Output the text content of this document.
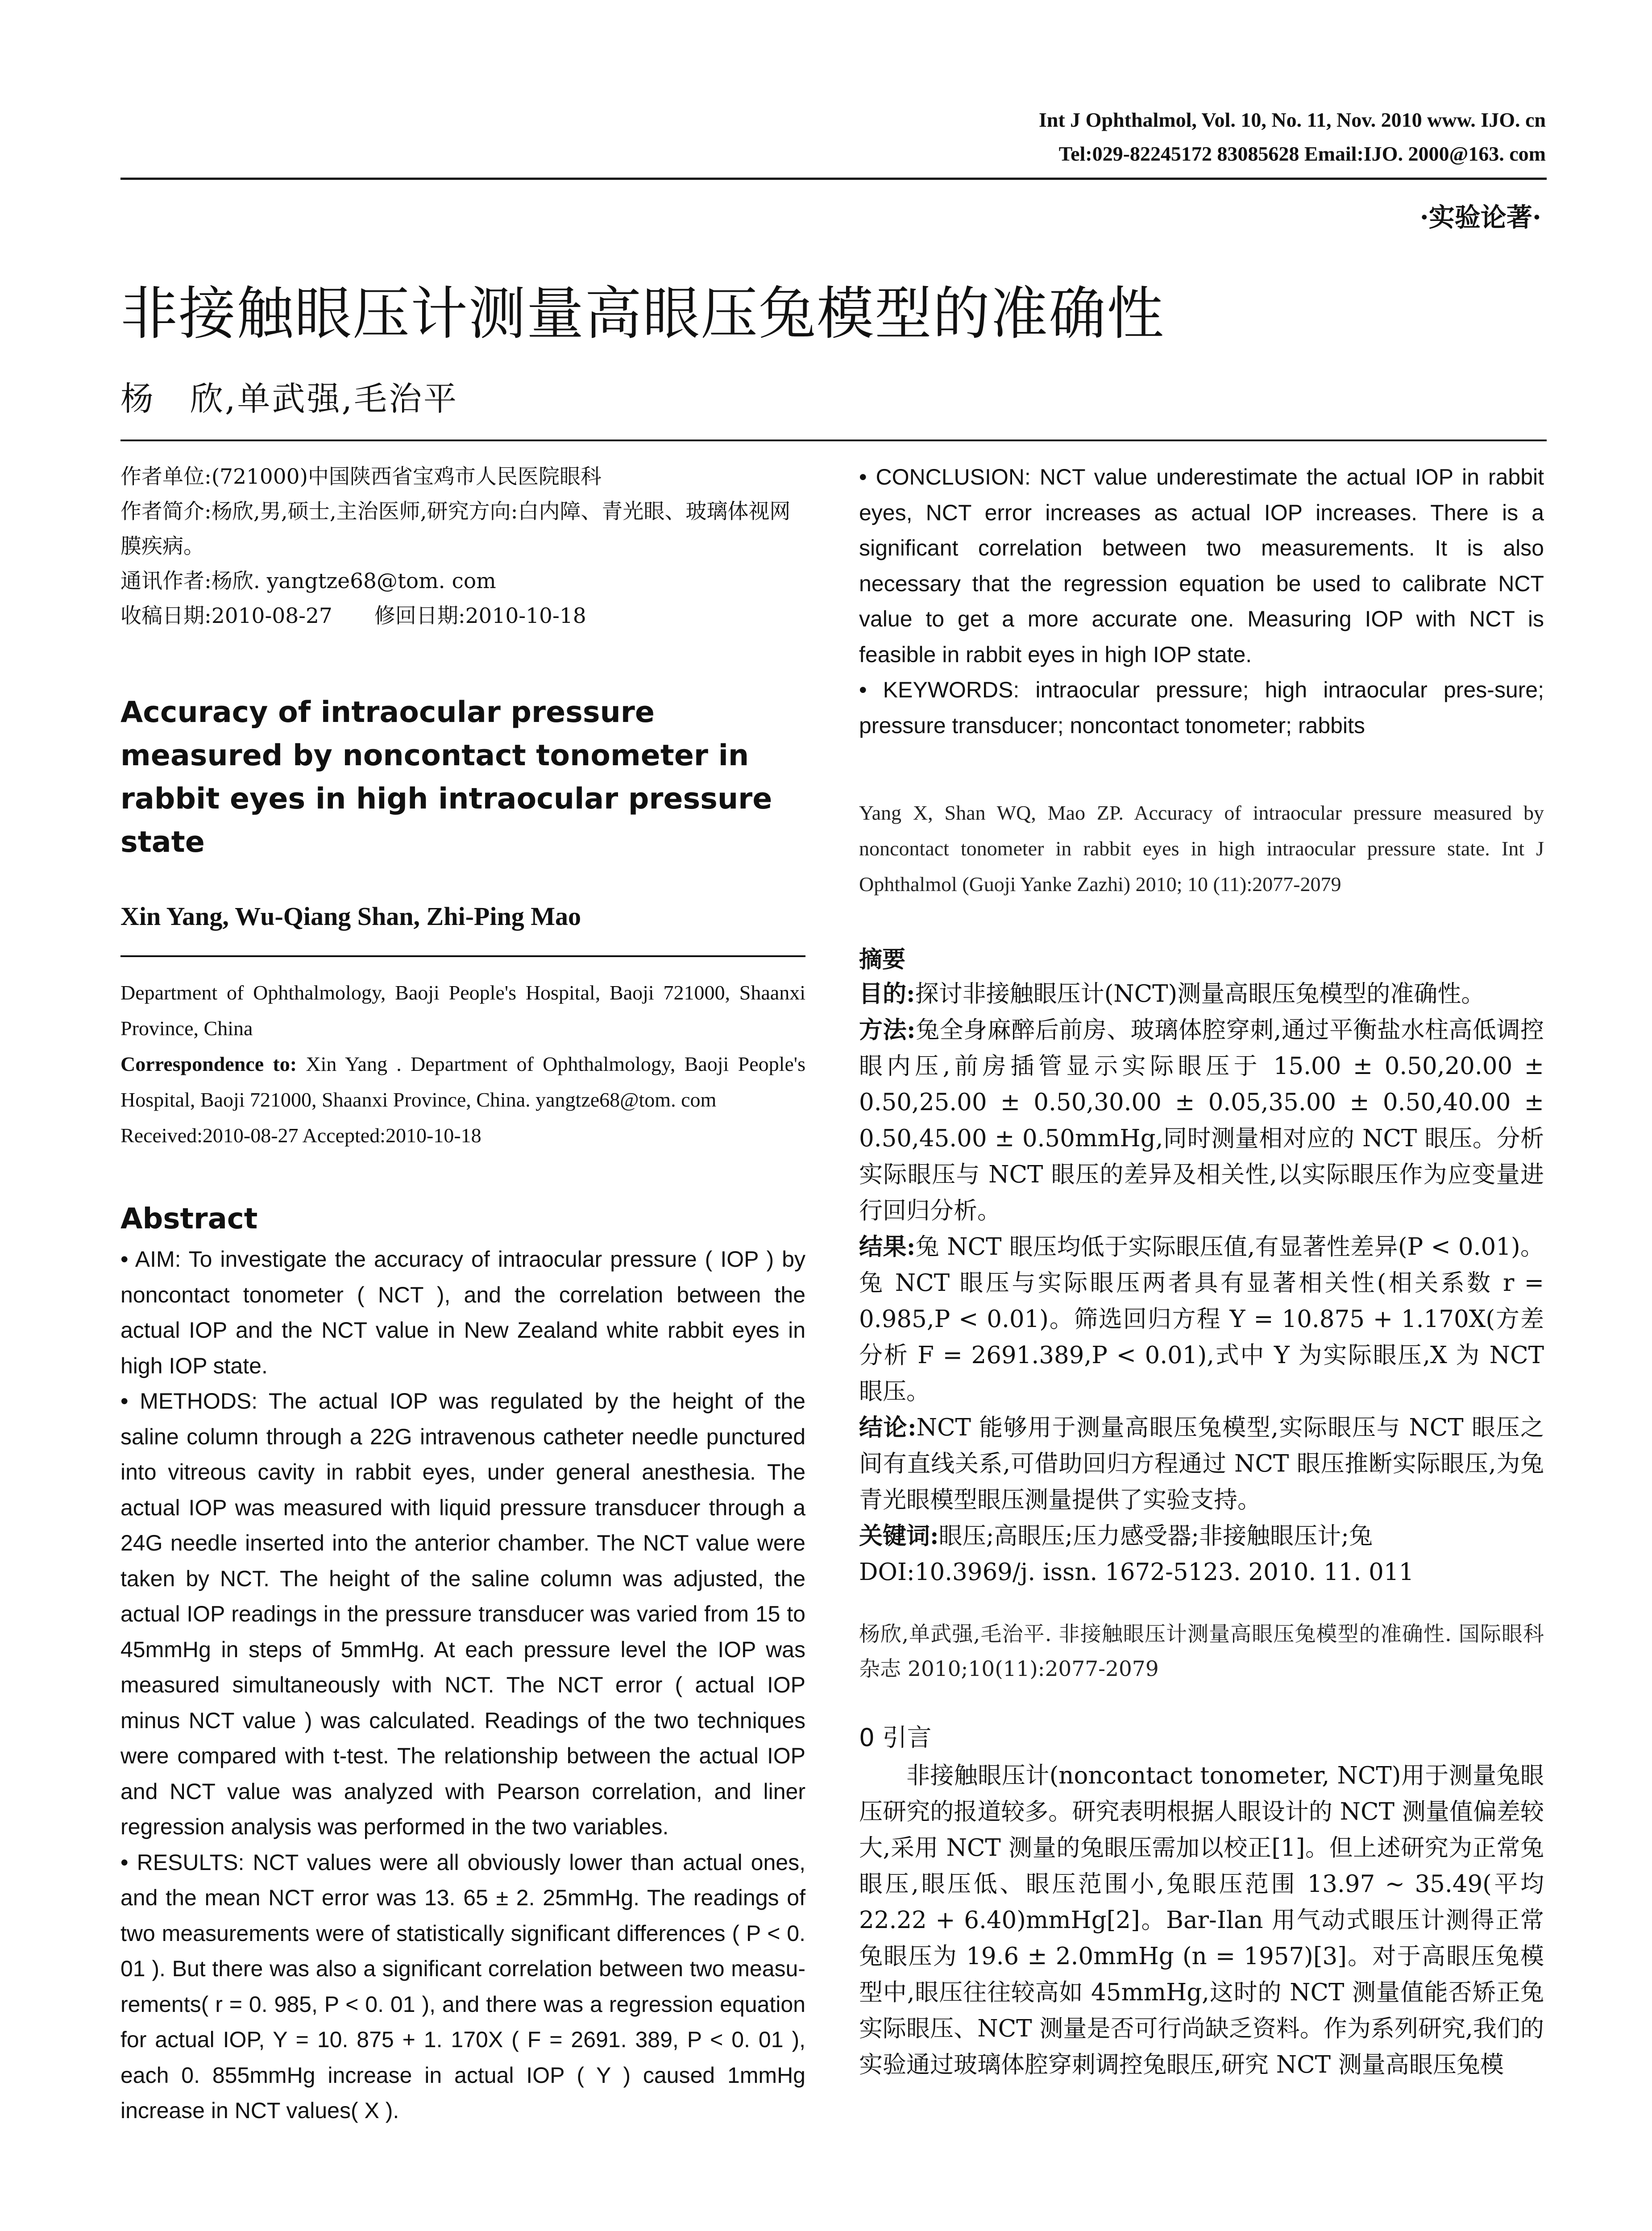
Int J Ophthalmol, Vol. 10, No. 11, Nov. 2010 www. IJO. cn
Tel:029-82245172 83085628 Email:IJO. 2000@163. com
·实验论著·
非接触眼压计测量高眼压兔模型的准确性
杨　欣,单武强,毛治平

作者单位:(721000)中国陕西省宝鸡市人民医院眼科

作者简介:杨欣,男,硕士,主治医师,研究方向:白内障、青光眼、玻璃体视网膜疾病。

通讯作者:杨欣. yangtze68@tom. com

收稿日期:2010-08-27　　修回日期:2010-10-18

Accuracy of intraocular pressure measured by noncontact tonometer in rabbit eyes in high intraocular pressure state
Xin Yang, Wu-Qiang Shan, Zhi-Ping Mao

Department of Ophthalmology, Baoji People's Hospital, Baoji 721000, Shaanxi Province, China

Correspondence to: Xin Yang . Department of Ophthalmology, Baoji People's Hospital, Baoji 721000, Shaanxi Province, China. yangtze68@tom. com

Received:2010-08-27 Accepted:2010-10-18

Abstract

• AIM: To investigate the accuracy of intraocular pressure ( IOP ) by noncontact tonometer ( NCT ), and the correlation between the actual IOP and the NCT value in New Zealand white rabbit eyes in high IOP state.

• METHODS: The actual IOP was regulated by the height of the saline column through a 22G intravenous catheter needle punctured into vitreous cavity in rabbit eyes, under general anesthesia. The actual IOP was measured with liquid pressure transducer through a 24G needle inserted into the anterior chamber. The NCT value were taken by NCT. The height of the saline column was adjusted, the actual IOP readings in the pressure transducer was varied from 15 to 45mmHg in steps of 5mmHg. At each pressure level the IOP was measured simultaneously with NCT. The NCT error ( actual IOP minus NCT value ) was calculated. Readings of the two techniques were compared with t-test. The relationship between the actual IOP and NCT value was analyzed with Pearson correlation, and liner regression analysis was performed in the two variables.

• RESULTS: NCT values were all obviously lower than actual ones, and the mean NCT error was 13. 65 ± 2. 25mmHg. The readings of two measurements were of statistically significant differences ( P < 0. 01 ). But there was also a significant correlation between two measu-rements( r = 0. 985, P < 0. 01 ), and there was a regression equation for actual IOP, Y = 10. 875 + 1. 170X ( F = 2691. 389, P < 0. 01 ), each 0. 855mmHg increase in actual IOP ( Y ) caused 1mmHg increase in NCT values( X ).

• CONCLUSION: NCT value underestimate the actual IOP in rabbit eyes, NCT error increases as actual IOP increases. There is a significant correlation between two measurements. It is also necessary that the regression equation be used to calibrate NCT value to get a more accurate one. Measuring IOP with NCT is feasible in rabbit eyes in high IOP state.

• KEYWORDS: intraocular pressure; high intraocular pres-sure; pressure transducer; noncontact tonometer; rabbits

Yang X, Shan WQ, Mao ZP. Accuracy of intraocular pressure measured by noncontact tonometer in rabbit eyes in high intraocular pressure state. Int J Ophthalmol (Guoji Yanke Zazhi) 2010; 10 (11):2077-2079
摘要

目的:探讨非接触眼压计(NCT)测量高眼压兔模型的准确性。

方法:兔全身麻醉后前房、玻璃体腔穿刺,通过平衡盐水柱高低调控眼内压,前房插管显示实际眼压于 15.00 ± 0.50,20.00 ± 0.50,25.00 ± 0.50,30.00 ± 0.05,35.00 ± 0.50,40.00 ± 0.50,45.00 ± 0.50mmHg,同时测量相对应的 NCT 眼压。分析实际眼压与 NCT 眼压的差异及相关性,以实际眼压作为应变量进行回归分析。

结果:兔 NCT 眼压均低于实际眼压值,有显著性差异(P < 0.01)。兔 NCT 眼压与实际眼压两者具有显著相关性(相关系数 r = 0.985,P < 0.01)。筛选回归方程 Y = 10.875 + 1.170X(方差分析 F = 2691.389,P < 0.01),式中 Y 为实际眼压,X 为 NCT 眼压。

结论:NCT 能够用于测量高眼压兔模型,实际眼压与 NCT 眼压之间有直线关系,可借助回归方程通过 NCT 眼压推断实际眼压,为兔青光眼模型眼压测量提供了实验支持。

关键词:眼压;高眼压;压力感受器;非接触眼压计;兔

DOI:10.3969/j. issn. 1672-5123. 2010. 11. 011

杨欣,单武强,毛治平. 非接触眼压计测量高眼压兔模型的准确性. 国际眼科杂志 2010;10(11):2077-2079
0 引言

非接触眼压计(noncontact tonometer, NCT)用于测量兔眼压研究的报道较多。研究表明根据人眼设计的 NCT 测量值偏差较大,采用 NCT 测量的兔眼压需加以校正[1]。但上述研究为正常兔眼压,眼压低、眼压范围小,兔眼压范围 13.97 ~ 35.49(平均 22.22 + 6.40)mmHg[2]。Bar-Ilan 用气动式眼压计测得正常兔眼压为 19.6 ± 2.0mmHg (n = 1957)[3]。对于高眼压兔模型中,眼压往往较高如 45mmHg,这时的 NCT 测量值能否矫正兔实际眼压、NCT 测量是否可行尚缺乏资料。作为系列研究,我们的实验通过玻璃体腔穿刺调控兔眼压,研究 NCT 测量高眼压兔模
